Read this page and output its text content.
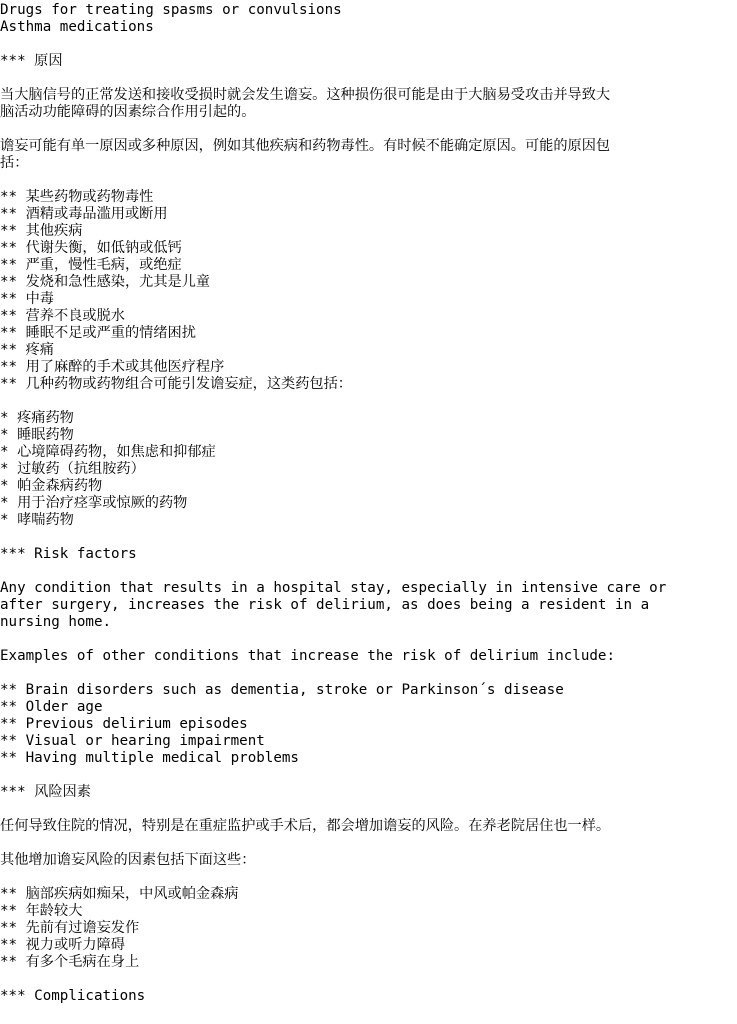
Drugs for treating spasms or convulsions
Asthma medications
*** 原因
当大脑信号的正常发送和接收受损时就会发生谵妄。这种损伤很可能是由于大脑易受攻击并导致大
脑活动功能障碍的因素综合作用引起的。
谵妄可能有单一原因或多种原因，例如其他疾病和药物毒性。有时候不能确定原因。可能的原因包
括：
** 某些药物或药物毒性
** 酒精或毒品滥用或断用
** 其他疾病
** 代谢失衡，如低钠或低钙
** 严重，慢性毛病，或绝症
** 发烧和急性感染，尤其是儿童
** 中毒
** 营养不良或脱水
** 睡眠不足或严重的情绪困扰
** 疼痛
** 用了麻醉的手术或其他医疗程序
** 几种药物或药物组合可能引发谵妄症，这类药包括：
* 疼痛药物
* 睡眠药物
* 心境障碍药物，如焦虑和抑郁症
* 过敏药（抗组胺药）
* 帕金森病药物
* 用于治疗痉挛或惊厥的药物
* 哮喘药物
*** Risk factors
Any condition that results in a hospital stay, especially in intensive care or
after surgery, increases the risk of delirium, as does being a resident in a
nursing home.
Examples of other conditions that increase the risk of delirium include:
** Brain disorders such as dementia, stroke or Parkinson´s disease
** Older age
** Previous delirium episodes
** Visual or hearing impairment
** Having multiple medical problems
*** 风险因素
任何导致住院的情况，特别是在重症监护或手术后，都会增加谵妄的风险。在养老院居住也一样。
其他增加谵妄风险的因素包括下面这些：
** 脑部疾病如痴呆，中风或帕金森病
** 年龄较大
** 先前有过谵妄发作
** 视力或听力障碍
** 有多个毛病在身上
*** Complications
